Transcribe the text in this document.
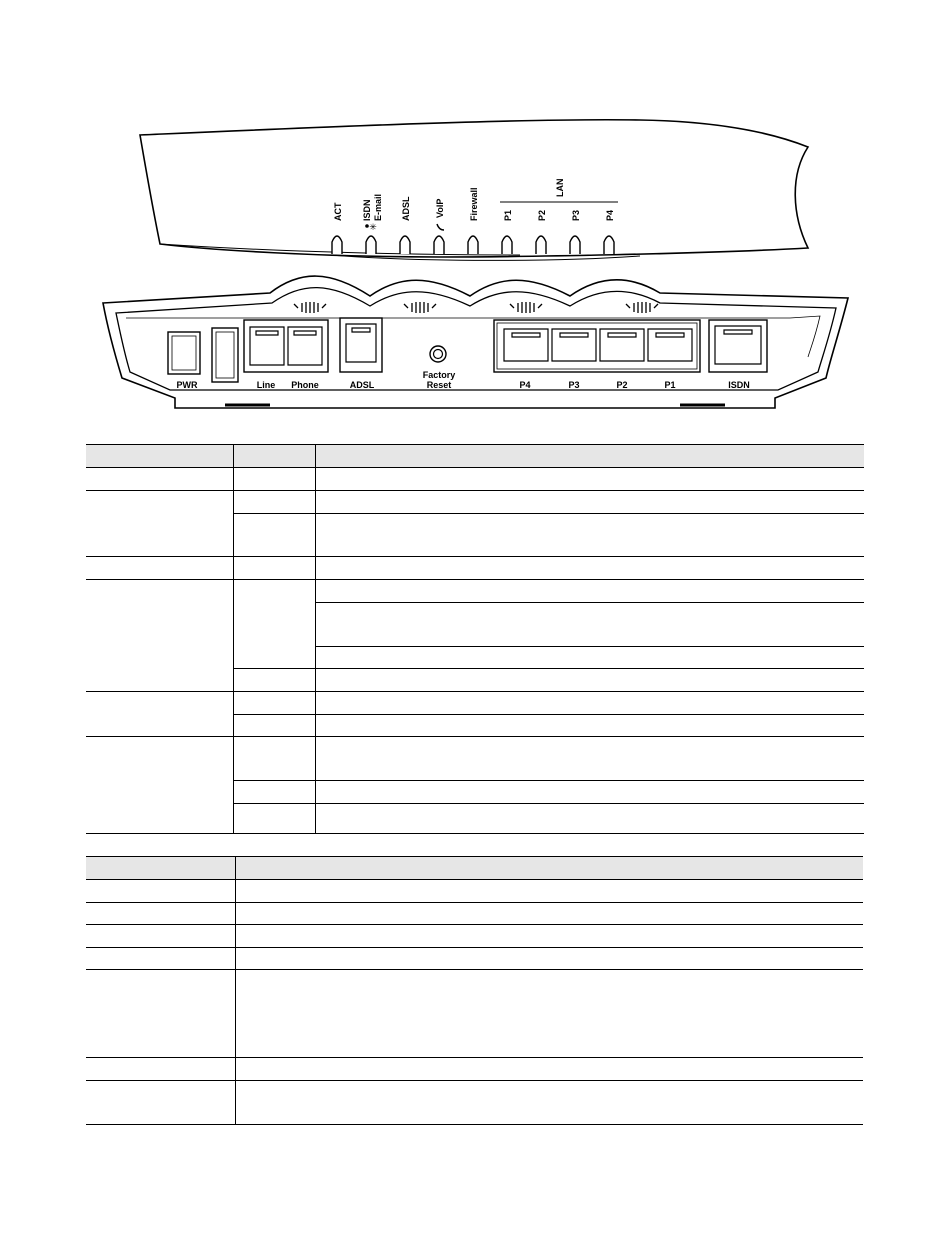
ACT ISDN E-mail
✳
ADSL	VoIP	Firewall	P1	P2	P3	P4
LAN
PWR	Line Phone	ADSL
Factory
Reset	P4	P3	P2	P1	ISDN
